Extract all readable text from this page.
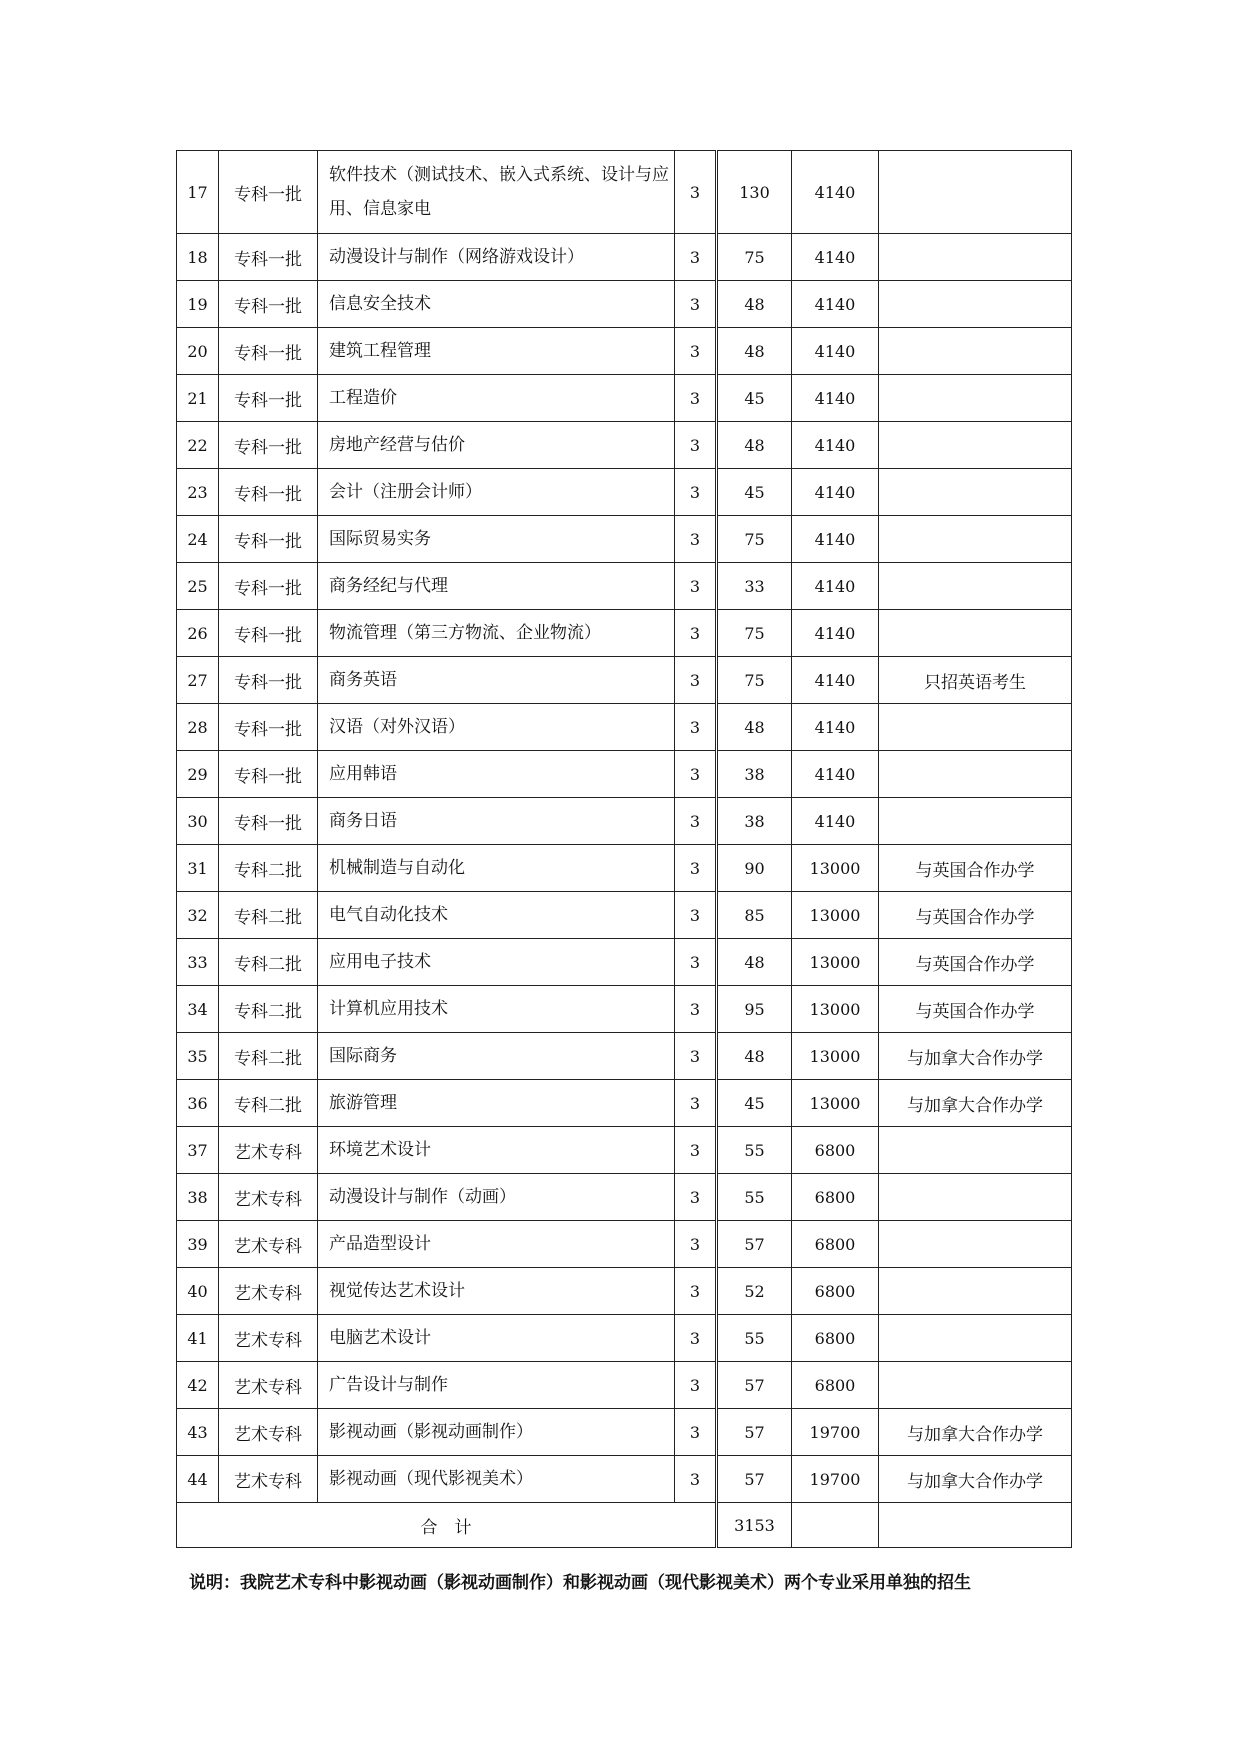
17	专科一批	软件技术（测试技术、嵌入式系统、设计与应用、信息家电	3	130	4140	
18	专科一批	动漫设计与制作（网络游戏设计）	3	75	4140	
19	专科一批	信息安全技术	3	48	4140	
20	专科一批	建筑工程管理	3	48	4140	
21	专科一批	工程造价	3	45	4140	
22	专科一批	房地产经营与估价	3	48	4140	
23	专科一批	会计（注册会计师）	3	45	4140	
24	专科一批	国际贸易实务	3	75	4140	
25	专科一批	商务经纪与代理	3	33	4140	
26	专科一批	物流管理（第三方物流、企业物流）	3	75	4140	
27	专科一批	商务英语	3	75	4140	只招英语考生
28	专科一批	汉语（对外汉语）	3	48	4140	
29	专科一批	应用韩语	3	38	4140	
30	专科一批	商务日语	3	38	4140	
31	专科二批	机械制造与自动化	3	90	13000	与英国合作办学
32	专科二批	电气自动化技术	3	85	13000	与英国合作办学
33	专科二批	应用电子技术	3	48	13000	与英国合作办学
34	专科二批	计算机应用技术	3	95	13000	与英国合作办学
35	专科二批	国际商务	3	48	13000	与加拿大合作办学
36	专科二批	旅游管理	3	45	13000	与加拿大合作办学
37	艺术专科	环境艺术设计	3	55	6800	
38	艺术专科	动漫设计与制作（动画）	3	55	6800	
39	艺术专科	产品造型设计	3	57	6800	
40	艺术专科	视觉传达艺术设计	3	52	6800	
41	艺术专科	电脑艺术设计	3	55	6800	
42	艺术专科	广告设计与制作	3	57	6800	
43	艺术专科	影视动画（影视动画制作）	3	57	19700	与加拿大合作办学
44	艺术专科	影视动画（现代影视美术）	3	57	19700	与加拿大合作办学
合　计				3153		
说明：我院艺术专科中影视动画（影视动画制作）和影视动画（现代影视美术）两个专业采用单独的招生
